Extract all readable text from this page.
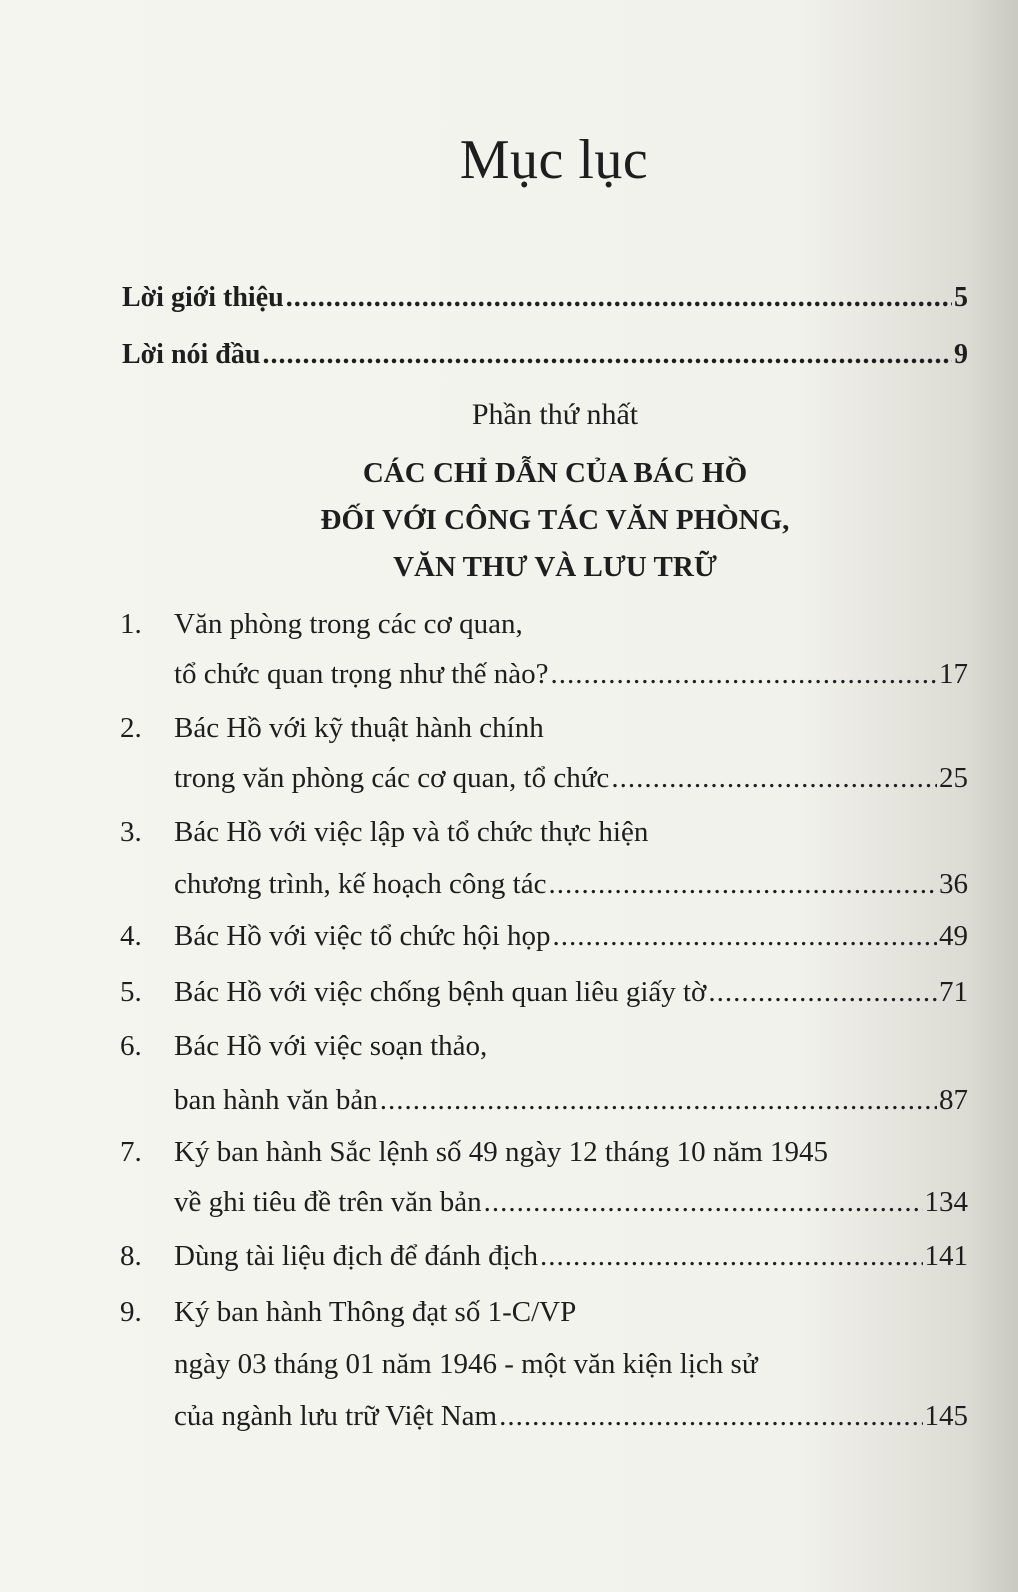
Mục lục
Lời giới thiệu .....	5
Lời nói đầu .....	9
Phần thứ nhất
CÁC CHỈ DẪN CỦA BÁC HỒ
ĐỐI VỚI CÔNG TÁC VĂN PHÒNG,
VĂN THƯ VÀ LƯU TRỮ
1.	Văn phòng trong các cơ quan,
tổ chức quan trọng như thế nào? .....	17
2.	Bác Hồ với kỹ thuật hành chính
trong văn phòng các cơ quan, tổ chức .....	25
3.	Bác Hồ với việc lập và tổ chức thực hiện
chương trình, kế hoạch công tác .....	36
4.	Bác Hồ với việc tổ chức hội họp .....	49
5.	Bác Hồ với việc chống bệnh quan liêu giấy tờ .....	71
6.	Bác Hồ với việc soạn thảo,
ban hành văn bản .....	87
7.	Ký ban hành Sắc lệnh số 49 ngày 12 tháng 10 năm 1945
về ghi tiêu đề trên văn bản .....	134
8.	Dùng tài liệu địch để đánh địch .....	141
9.	Ký ban hành Thông đạt số 1-C/VP
ngày 03 tháng 01 năm 1946 - một văn kiện lịch sử
của ngành lưu trữ Việt Nam .....	145
